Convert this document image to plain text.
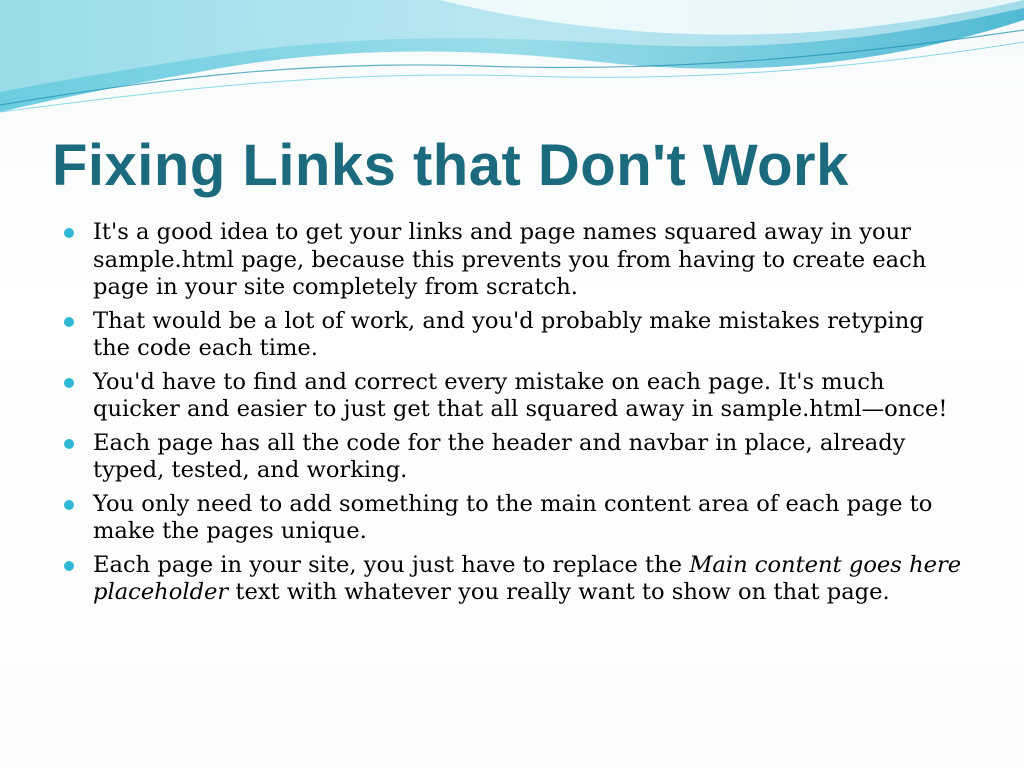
Fixing Links that Don't Work
It's a good idea to get your links and page names squared away in your sample.html page, because this prevents you from having to create each page in your site completely from scratch.
That would be a lot of work, and you'd probably make mistakes retyping the code each time.
You'd have to find and correct every mistake on each page. It's much quicker and easier to just get that all squared away in sample.html—once!
Each page has all the code for the header and navbar in place, already typed, tested, and working.
You only need to add something to the main content area of each page to make the pages unique.
Each page in your site, you just have to replace the Main content goes here placeholder text with whatever you really want to show on that page.
